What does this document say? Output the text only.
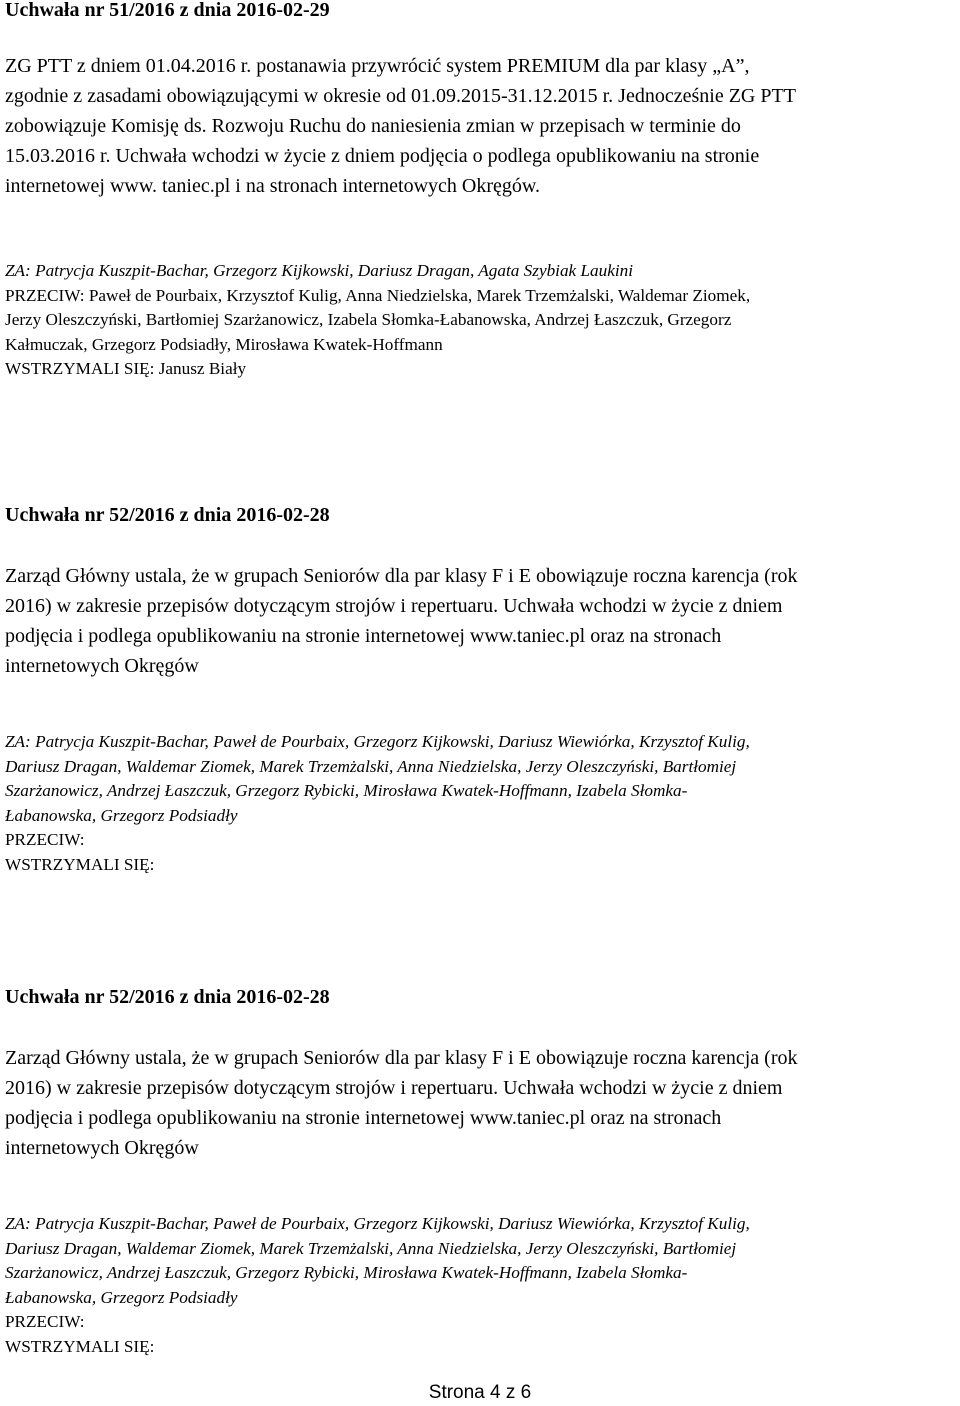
Uchwała nr 51/2016 z dnia 2016-02-29
ZG PTT z dniem 01.04.2016 r. postanawia przywrócić system PREMIUM dla par klasy „A”,
zgodnie z zasadami obowiązującymi w okresie od 01.09.2015-31.12.2015 r. Jednocześnie ZG PTT
zobowiązuje Komisję ds. Rozwoju Ruchu do naniesienia zmian w przepisach w terminie do
15.03.2016 r. Uchwała wchodzi w życie z dniem podjęcia o podlega opublikowaniu na stronie
internetowej www. taniec.pl i na stronach internetowych Okręgów.
ZA: Patrycja Kuszpit-Bachar, Grzegorz Kijkowski, Dariusz Dragan, Agata Szybiak Laukini
PRZECIW: Paweł de Pourbaix, Krzysztof Kulig, Anna Niedzielska, Marek Trzemżalski, Waldemar Ziomek,
Jerzy Oleszczyński, Bartłomiej Szarżanowicz, Izabela Słomka-Łabanowska, Andrzej Łaszczuk, Grzegorz
Kałmuczak, Grzegorz Podsiadły, Mirosława Kwatek-Hoffmann
WSTRZYMALI SIĘ: Janusz Biały
Uchwała nr 52/2016 z dnia 2016-02-28
Zarząd Główny ustala, że w grupach Seniorów dla par klasy F i E obowiązuje roczna karencja (rok
2016) w zakresie przepisów dotyczącym strojów i repertuaru. Uchwała wchodzi w życie z dniem
podjęcia i podlega opublikowaniu na stronie internetowej www.taniec.pl oraz na stronach
internetowych Okręgów
ZA: Patrycja Kuszpit-Bachar, Paweł de Pourbaix, Grzegorz Kijkowski, Dariusz Wiewiórka, Krzysztof Kulig,
Dariusz Dragan, Waldemar Ziomek, Marek Trzemżalski, Anna Niedzielska, Jerzy Oleszczyński, Bartłomiej
Szarżanowicz, Andrzej Łaszczuk, Grzegorz Rybicki, Mirosława Kwatek-Hoffmann, Izabela Słomka-
Łabanowska, Grzegorz Podsiadły
PRZECIW:
WSTRZYMALI SIĘ:
Uchwała nr 52/2016 z dnia 2016-02-28
Zarząd Główny ustala, że w grupach Seniorów dla par klasy F i E obowiązuje roczna karencja (rok
2016) w zakresie przepisów dotyczącym strojów i repertuaru. Uchwała wchodzi w życie z dniem
podjęcia i podlega opublikowaniu na stronie internetowej www.taniec.pl oraz na stronach
internetowych Okręgów
ZA: Patrycja Kuszpit-Bachar, Paweł de Pourbaix, Grzegorz Kijkowski, Dariusz Wiewiórka, Krzysztof Kulig,
Dariusz Dragan, Waldemar Ziomek, Marek Trzemżalski, Anna Niedzielska, Jerzy Oleszczyński, Bartłomiej
Szarżanowicz, Andrzej Łaszczuk, Grzegorz Rybicki, Mirosława Kwatek-Hoffmann, Izabela Słomka-
Łabanowska, Grzegorz Podsiadły
PRZECIW:
WSTRZYMALI SIĘ:
Strona 4 z 6
